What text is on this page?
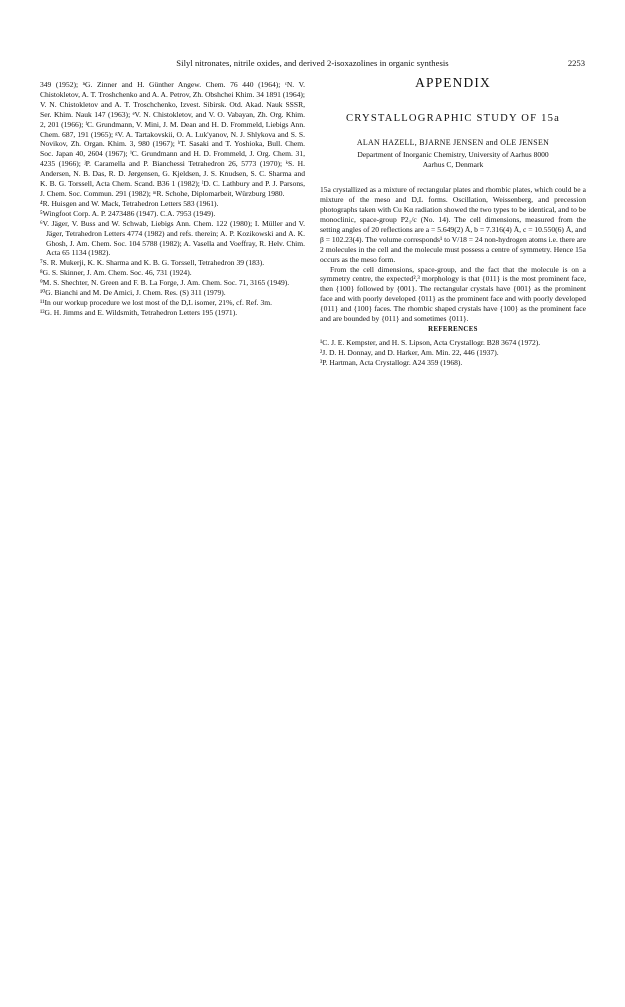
Silyl nitronates, nitrile oxides, and derived 2-isoxazolines in organic synthesis	2253

349 (1952); ⁿG. Zinner and H. Günther Angew. Chem. 76 440 (1964); ᶜN. V. Chistokletov, A. T. Troshchenko and A. A. Petrov, Zh. Obshchei Khim. 34 1891 (1964); V. N. Chistokletov and A. T. Troschchenko, Izvest. Sibirsk. Otd. Akad. Nauk SSSR, Ser. Khim. Nauk 147 (1963); ᵉV. N. Chistokletov, and V. O. Vabayan, Zh. Org. Khim. 2, 201 (1966); ᶠC. Grundmann, V. Mini, J. M. Dean and H. D. Frommeld, Liebigs Ann. Chem. 687, 191 (1965); ᵍV. A. Tartakovskii, O. A. Luk'yanov, N. J. Shlykova and S. S. Novikov, Zh. Organ. Khim. 3, 980 (1967); ʰT. Sasaki and T. Yoshioka, Bull. Chem. Soc. Japan 40, 2604 (1967); ⁱC. Grundmann and H. D. Frommeld, J. Org. Chem. 31, 4235 (1966); ʲP. Caramella and P. Bianchessi Tetrahedron 26, 5773 (1970); ᵏS. H. Andersen, N. B. Das, R. D. Jørgensen, G. Kjeldsen, J. S. Knudsen, S. C. Sharma and K. B. G. Torssell, Acta Chem. Scand. B36 1 (1982); ˡD. C. Lathbury and P. J. Parsons, J. Chem. Soc. Commun. 291 (1982); ᵐR. Schohe, Diplomarbeit, Würzburg 1980.

⁴R. Huisgen and W. Mack, Tetrahedron Letters 583 (1961).

⁵Wingfoot Corp. A. P. 2473486 (1947). C.A. 7953 (1949).

⁶V. Jäger, V. Buss and W. Schwab, Liebigs Ann. Chem. 122 (1980); I. Müller and V. Jäger, Tetrahedron Letters 4774 (1982) and refs. therein; A. P. Kozikowski and A. K. Ghosh, J. Am. Chem. Soc. 104 5788 (1982); A. Vasella and Voeffray, R. Helv. Chim. Acta 65 1134 (1982).

⁷S. R. Mukerji, K. K. Sharma and K. B. G. Torssell, Tetrahedron 39 (183).

⁸G. S. Skinner, J. Am. Chem. Soc. 46, 731 (1924).

⁹M. S. Shechter, N. Green and F. B. La Forge, J. Am. Chem. Soc. 71, 3165 (1949).

¹⁰G. Bianchi and M. De Amici, J. Chem. Res. (S) 311 (1979).

¹¹In our workup procedure we lost most of the D,L isomer, 21%, cf. Ref. 3m.

¹²G. H. Jimms and E. Wildsmith, Tetrahedron Letters 195 (1971).

APPENDIX
CRYSTALLOGRAPHIC STUDY OF 15a
ALAN HAZELL, BJARNE JENSEN and OLE JENSEN
Department of Inorganic Chemistry, University of Aarhus 8000
Aarhus C, Denmark

15a crystallized as a mixture of rectangular plates and rhombic plates, which could be a mixture of the meso and D,L forms. Oscillation, Weissenberg, and precession photographs taken with Cu Kα radiation showed the two types to be identical, and to be monoclinic, space-group P2₁/c (No. 14). The cell dimensions, measured from the setting angles of 20 reflections are a = 5.649(2) Å, b = 7.316(4) Å, c = 10.550(6) Å, and β = 102.23(4). The volume corresponds¹ to V/18 = 24 non-hydrogen atoms i.e. there are 2 molecules in the cell and the molecule must possess a centre of symmetry. Hence 15a occurs as the meso form.

From the cell dimensions, space-group, and the fact that the molecule is on a symmetry centre, the expected²,³ morphology is that {011} is the most prominent face, then {100} followed by {001}. The rectangular crystals have {001} as the prominent face and with poorly developed {011} as the prominent face and with poorly developed {011} and {100} faces. The rhombic shaped crystals have {100} as the prominent face and are bounded by {011} and sometimes {011}.

REFERENCES

¹C. J. E. Kempster, and H. S. Lipson, Acta Crystallogr. B28 3674 (1972).

²J. D. H. Donnay, and D. Harker, Am. Min. 22, 446 (1937).

³P. Hartman, Acta Crystallogr. A24 359 (1968).
